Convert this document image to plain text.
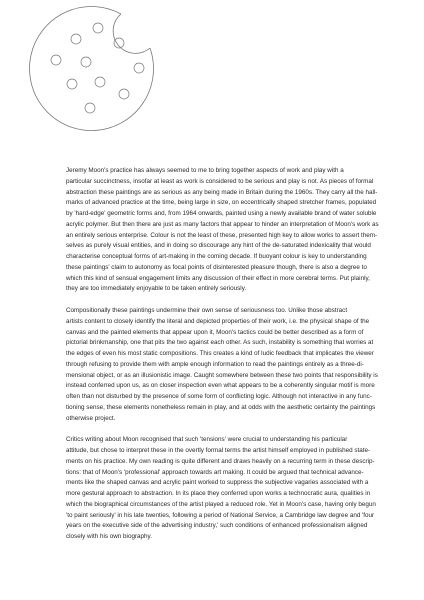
Jeremy Moon's practice has always seemed to me to bring together aspects of work and play with a
particular succinctness, insofar at least as work is considered to be serious and play is not. As pieces of formal
abstraction these paintings are as serious as any being made in Britain during the 1960s. They carry all the hall-
marks of advanced practice at the time, being large in size, on eccentrically shaped stretcher frames, populated
by 'hard-edge' geometric forms and, from 1964 onwards, painted using a newly available brand of water soluble
acrylic polymer. But then there are just as many factors that appear to hinder an interpretation of Moon's work as
an entirely serious enterprise. Colour is not the least of these, presented high key to allow works to assert them-
selves as purely visual entities, and in doing so discourage any hint of the de-saturated indexicality that would
characterise conceptual forms of art-making in the coming decade. If buoyant colour is key to understanding
these paintings' claim to autonomy as focal points of disinterested pleasure though, there is also a degree to
which this kind of sensual engagement limits any discussion of their effect in more cerebral terms. Put plainly,
they are too immediately enjoyable to be taken entirely seriously.

Compositionally these paintings undermine their own sense of seriousness too. Unlike those abstract
artists content to closely identify the literal and depicted properties of their work, i.e. the physical shape of the
canvas and the painted elements that appear upon it, Moon's tactics could be better described as a form of
pictorial brinkmanship, one that pits the two against each other. As such, instability is something that worries at
the edges of even his most static compositions. This creates a kind of ludic feedback that implicates the viewer
through refusing to provide them with ample enough information to read the paintings entirely as a three-di-
mensional object, or as an illusionistic image. Caught somewhere between these two points that responsibility is
instead conferred upon us, as on closer inspection even what appears to be a coherently singular motif is more
often than not disturbed by the presence of some form of conflicting logic. Although not interactive in any func-
tioning sense, these elements nonetheless remain in play, and at odds with the aesthetic certainty the paintings
otherwise project.

Critics writing about Moon recognised that such 'tensions' were crucial to understanding his particular
attitude, but chose to interpret these in the overtly formal terms the artist himself employed in published state-
ments on his practice. My own reading is quite different and draws heavily on a recurring term in these descrip-
tions: that of Moon's 'professional' approach towards art making. It could be argued that technical advance-
ments like the shaped canvas and acrylic paint worked to suppress the subjective vagaries associated with a
more gestural approach to abstraction. In its place they conferred upon works a technocratic aura, qualities in
which the biographical circumstances of the artist played a reduced role. Yet in Moon's case, having only begun
'to paint seriously' in his late twenties, following a period of National Service, a Cambridge law degree and 'four
years on the executive side of the advertising industry,' such conditions of enhanced professionalism aligned
closely with his own biography.
